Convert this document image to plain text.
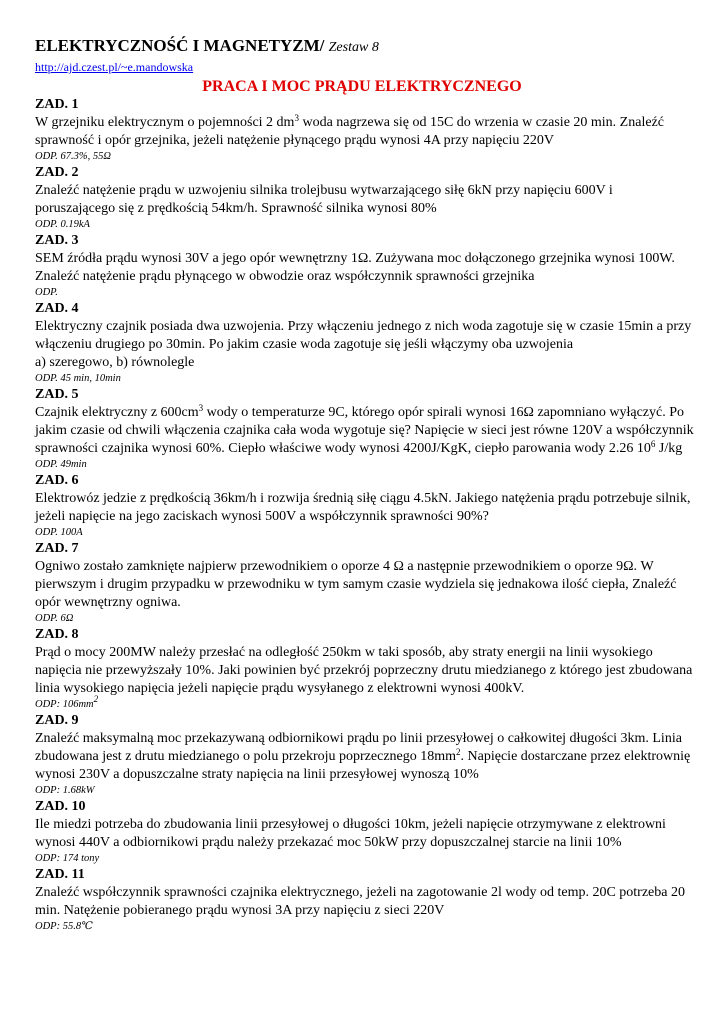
ELEKTRYCZNOŚĆ I MAGNETYZM/ Zestaw 8
http://ajd.czest.pl/~e.mandowska
PRACA I MOC PRĄDU ELEKTRYCZNEGO
ZAD. 1
W grzejniku elektrycznym o pojemności 2 $dm^3$ woda nagrzewa się od 15C do wrzenia w czasie 20 min. Znaleźć sprawność i opór grzejnika, jeżeli natężenie płynącego prądu wynosi 4A przy napięciu 220V
ODP. 67.3%, 55Ω
ZAD. 2
Znaleźć natężenie prądu w uzwojeniu silnika trolejbusu wytwarzającego siłę 6kN przy napięciu 600V i poruszającego się z prędkością 54km/h. Sprawność silnika wynosi 80%
ODP. 0.19kA
ZAD. 3
SEM źródła prądu wynosi 30V a jego opór wewnętrzny 1Ω. Zużywana moc dołączonego grzejnika wynosi 100W. Znaleźć natężenie prądu płynącego w obwodzie oraz współczynnik sprawności grzejnika
ODP.
ZAD. 4
Elektryczny czajnik posiada dwa uzwojenia. Przy włączeniu jednego z nich woda zagotuje się w czasie 15min a przy włączeniu drugiego po 30min. Po jakim czasie woda zagotuje się jeśli włączymy oba uzwojenia
a) szeregowo, b) równolegle
ODP. 45 min, 10min
ZAD. 5
Czajnik elektryczny z $600cm^3$ wody o temperaturze 9C, którego opór spirali wynosi 16Ω zapomniano wyłączyć. Po jakim czasie od chwili włączenia czajnika cała woda wygotuje się? Napięcie w sieci jest równe 120V a współczynnik sprawności czajnika wynosi 60%. Ciepło właściwe wody wynosi 4200J/KgK, ciepło parowania wody 2.26 $10^6$ J/kg
ODP. 49min
ZAD. 6
Elektrowóz jedzie z prędkością 36km/h i rozwija średnią siłę ciągu 4.5kN. Jakiego natężenia prądu potrzebuje silnik, jeżeli napięcie na jego zaciskach wynosi 500V a współczynnik sprawności 90%?
ODP. 100A
ZAD. 7
Ogniwo zostało zamknięte najpierw przewodnikiem o oporze 4 Ω a następnie przewodnikiem o oporze 9Ω. W pierwszym i drugim przypadku w przewodniku w tym samym czasie wydziela się jednakowa ilość ciepła, Znaleźć opór wewnętrzny ogniwa.
ODP. 6Ω
ZAD. 8
Prąd o mocy 200MW należy przesłać na odległość 250km w taki sposób, aby straty energii na linii wysokiego napięcia nie przewyższały 10%. Jaki powinien być przekrój poprzeczny drutu miedzianego z którego jest zbudowana linia wysokiego napięcia jeżeli napięcie prądu wysyłanego z elektrowni wynosi 400kV.
ODP: $106mm^2$
ZAD. 9
Znaleźć maksymalną moc przekazywaną odbiornikowi prądu po linii przesyłowej o całkowitej długości 3km. Linia zbudowana jest z drutu miedzianego o polu przekroju poprzecznego $18mm^2$. Napięcie dostarczane przez elektrownię wynosi 230V a dopuszczalne straty napięcia na linii przesyłowej wynoszą 10%
ODP: 1.68kW
ZAD. 10
Ile miedzi potrzeba do zbudowania linii przesyłowej o długości 10km, jeżeli napięcie otrzymywane z elektrowni wynosi 440V a odbiornikowi prądu należy przekazać moc 50kW przy dopuszczalnej starcie na linii 10%
ODP: 174 tony
ZAD. 11
Znaleźć współczynnik sprawności czajnika elektrycznego, jeżeli na zagotowanie 2l wody od temp. 20C potrzeba 20 min. Natężenie pobieranego prądu wynosi 3A przy napięciu z sieci 220V
ODP: 55.8℃
